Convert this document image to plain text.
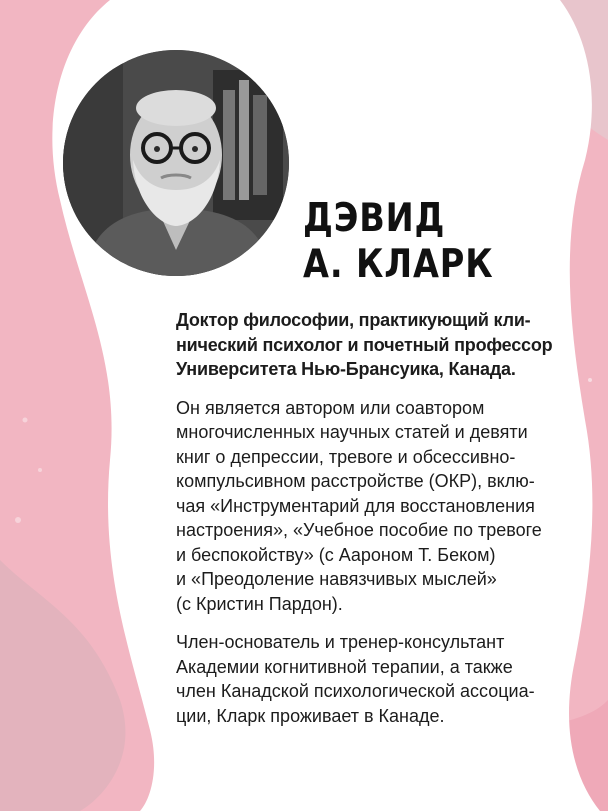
ДЭВИД
А. КЛАРК

Доктор философии, практикующий кли-
нический психолог и почетный профессор
Университета Нью-Брансуика, Канада.

Он является автором или соавтором
многочисленных научных статей и девяти
книг о депрессии, тревоге и обсессивно-
компульсивном расстройстве (ОКР), вклю-
чая «Инструментарий для восстановления
настроения», «Учебное пособие по тревоге
и беспокойству» (с Аароном Т. Беком)
и «Преодоление навязчивых мыслей»
(с Кристин Пардон).

Член-основатель и тренер-консультант
Академии когнитивной терапии, а также
член Канадской психологической ассоциа-
ции, Кларк проживает в Канаде.
